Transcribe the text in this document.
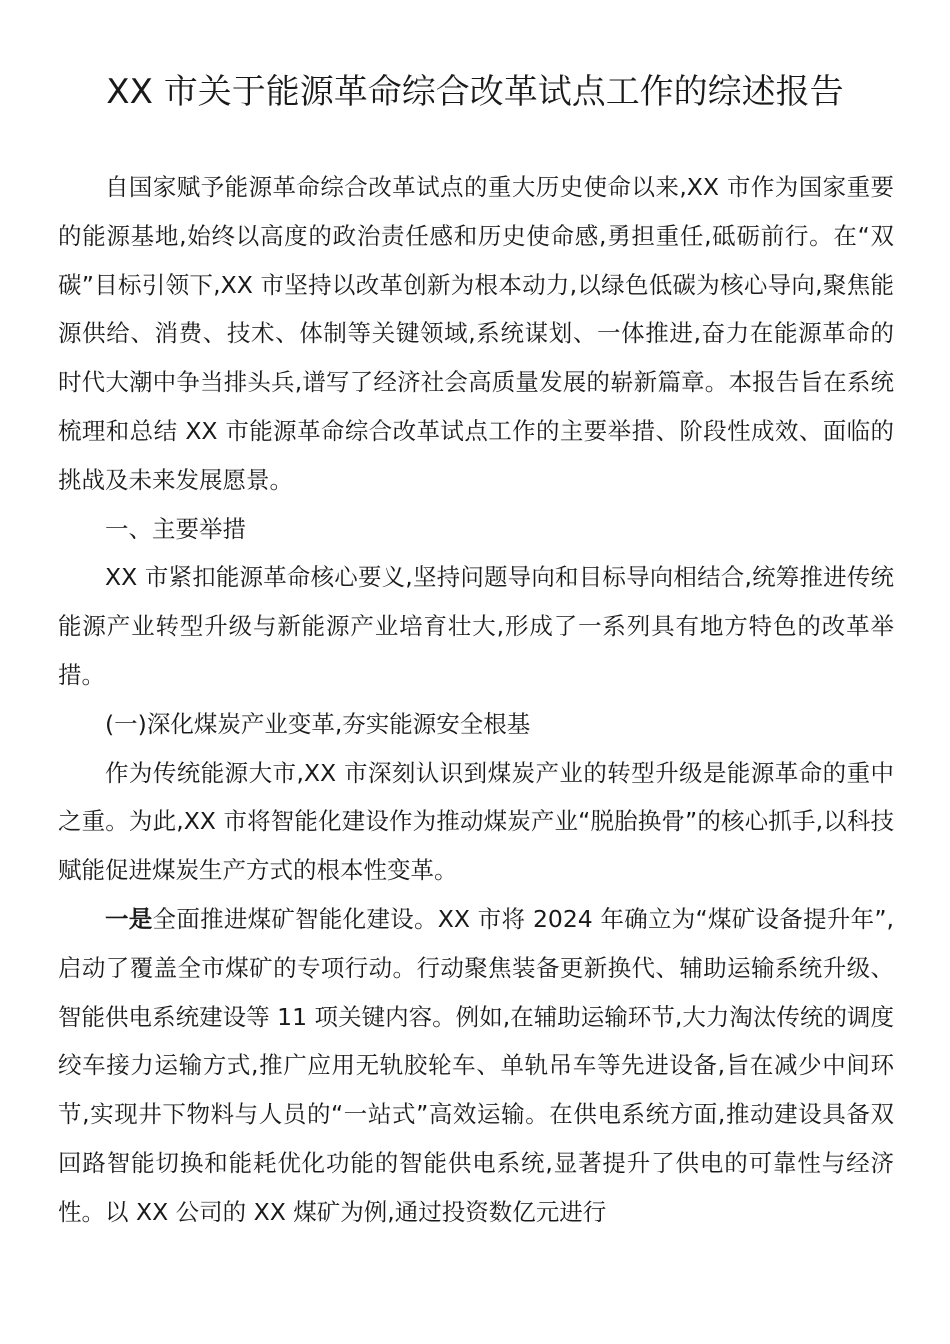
XX 市关于能源革命综合改革试点工作的综述报告

自国家赋予能源革命综合改革试点的重大历史使命以来,XX 市作为国家重要的能源基地,始终以高度的政治责任感和历史使命感,勇担重任,砥砺前行。在“双碳”目标引领下,XX 市坚持以改革创新为根本动力,以绿色低碳为核心导向,聚焦能源供给、消费、技术、体制等关键领域,系统谋划、一体推进,奋力在能源革命的时代大潮中争当排头兵,谱写了经济社会高质量发展的崭新篇章。本报告旨在系统梳理和总结 XX 市能源革命综合改革试点工作的主要举措、阶段性成效、面临的挑战及未来发展愿景。

一、主要举措

XX 市紧扣能源革命核心要义,坚持问题导向和目标导向相结合,统筹推进传统能源产业转型升级与新能源产业培育壮大,形成了一系列具有地方特色的改革举措。

(一)深化煤炭产业变革,夯实能源安全根基

作为传统能源大市,XX 市深刻认识到煤炭产业的转型升级是能源革命的重中之重。为此,XX 市将智能化建设作为推动煤炭产业“脱胎换骨”的核心抓手,以科技赋能促进煤炭生产方式的根本性变革。

一是全面推进煤矿智能化建设。XX 市将 2024 年确立为“煤矿设备提升年”,启动了覆盖全市煤矿的专项行动。行动聚焦装备更新换代、辅助运输系统升级、智能供电系统建设等 11 项关键内容。例如,在辅助运输环节,大力淘汰传统的调度绞车接力运输方式,推广应用无轨胶轮车、单轨吊车等先进设备,旨在减少中间环节,实现井下物料与人员的“一站式”高效运输。在供电系统方面,推动建设具备双回路智能切换和能耗优化功能的智能供电系统,显著提升了供电的可靠性与经济性。以 XX 公司的 XX 煤矿为例,通过投资数亿元进行
